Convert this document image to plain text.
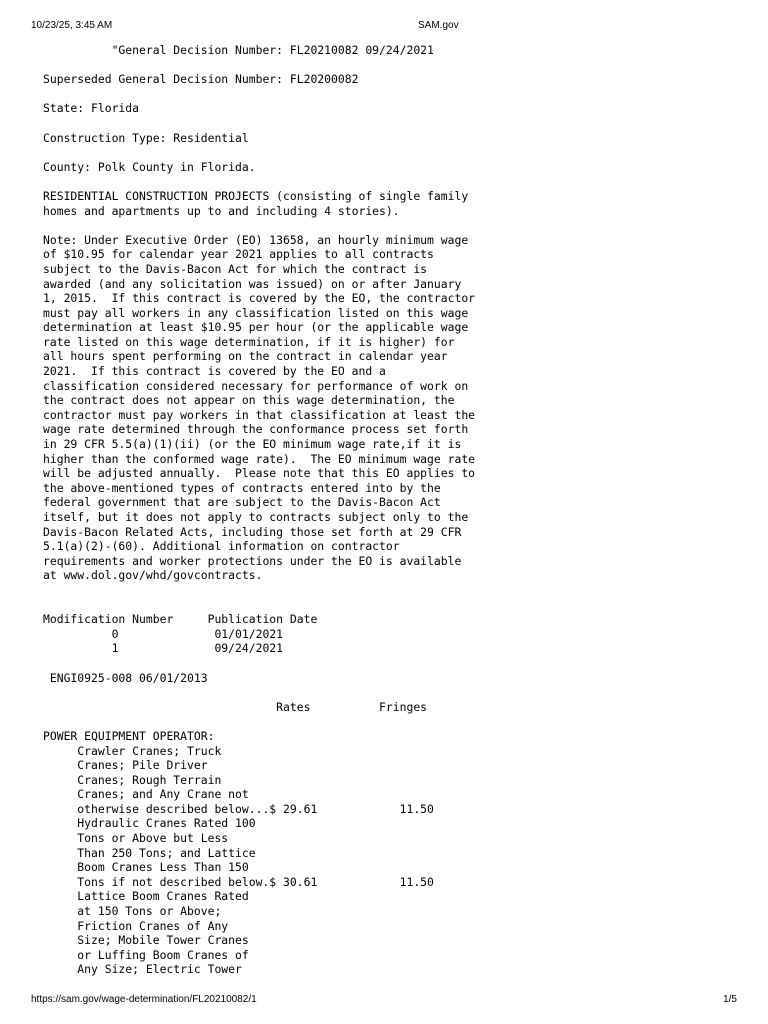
10/23/25, 3:45 AM	SAM.gov
"General Decision Number: FL20210082 09/24/2021
Superseded General Decision Number: FL20200082
State: Florida
Construction Type: Residential
County: Polk County in Florida.
RESIDENTIAL CONSTRUCTION PROJECTS (consisting of single family
homes and apartments up to and including 4 stories).
Note: Under Executive Order (EO) 13658, an hourly minimum wage
of $10.95 for calendar year 2021 applies to all contracts
subject to the Davis-Bacon Act for which the contract is
awarded (and any solicitation was issued) on or after January
1, 2015.  If this contract is covered by the EO, the contractor
must pay all workers in any classification listed on this wage
determination at least $10.95 per hour (or the applicable wage
rate listed on this wage determination, if it is higher) for
all hours spent performing on the contract in calendar year
2021.  If this contract is covered by the EO and a
classification considered necessary for performance of work on
the contract does not appear on this wage determination, the
contractor must pay workers in that classification at least the
wage rate determined through the conformance process set forth
in 29 CFR 5.5(a)(1)(ii) (or the EO minimum wage rate,if it is
higher than the conformed wage rate).  The EO minimum wage rate
will be adjusted annually.  Please note that this EO applies to
the above-mentioned types of contracts entered into by the
federal government that are subject to the Davis-Bacon Act
itself, but it does not apply to contracts subject only to the
Davis-Bacon Related Acts, including those set forth at 29 CFR
5.1(a)(2)-(60). Additional information on contractor
requirements and worker protections under the EO is available
at www.dol.gov/whd/govcontracts.
Modification Number     Publication Date
0              01/01/2021
1              09/24/2021
ENGI0925-008 06/01/2013
Rates          Fringes
POWER EQUIPMENT OPERATOR:
Crawler Cranes; Truck
Cranes; Pile Driver
Cranes; Rough Terrain
Cranes; and Any Crane not
otherwise described below...$ 29.61            11.50
Hydraulic Cranes Rated 100
Tons or Above but Less
Than 250 Tons; and Lattice
Boom Cranes Less Than 150
Tons if not described below.$ 30.61            11.50
Lattice Boom Cranes Rated
at 150 Tons or Above;
Friction Cranes of Any
Size; Mobile Tower Cranes
or Luffing Boom Cranes of
Any Size; Electric Tower
https://sam.gov/wage-determination/FL20210082/1	1/5
